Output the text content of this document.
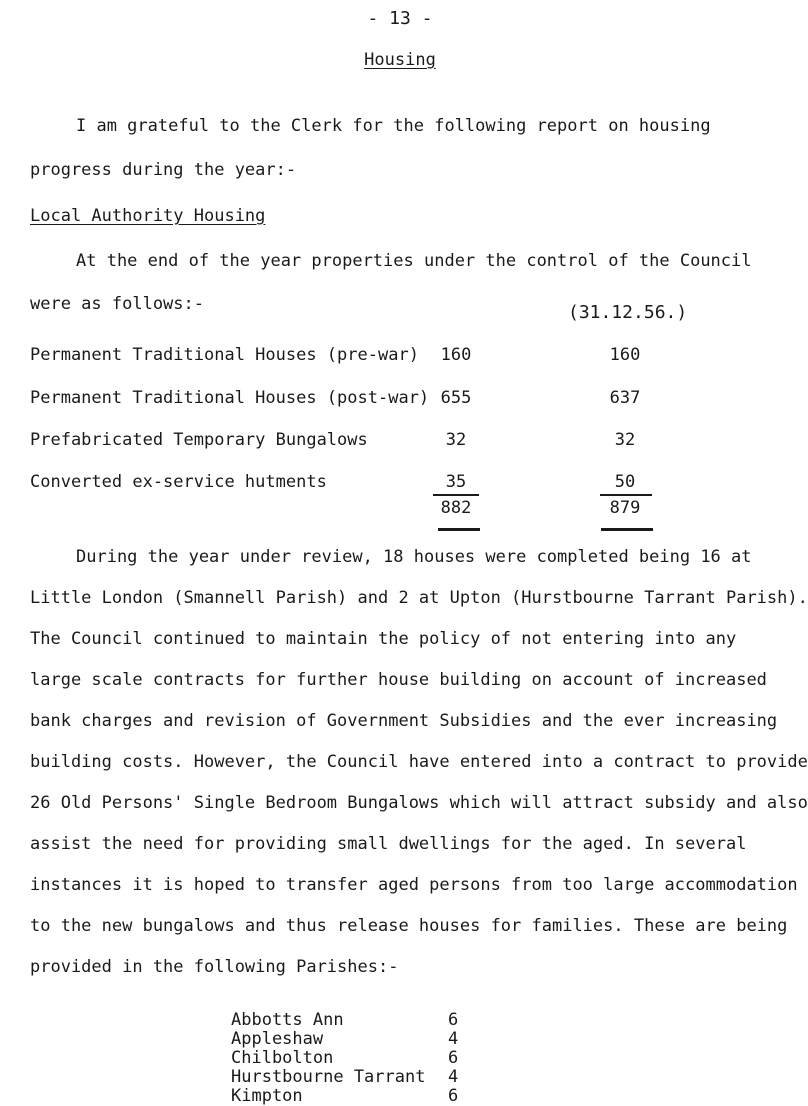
- 13 -
Housing
I am grateful to the Clerk for the following report on housing
progress during the year:-
Local Authority Housing
At the end of the year properties under the control of the Council
were as follows:-	(31.12.56.)
Permanent Traditional Houses (pre-war)	160	160
Permanent Traditional Houses (post-war) 655	637
Prefabricated Temporary Bungalows	32	32
Converted ex-service hutments	35	50
882	879
During the year under review, 18 houses were completed being 16 at
Little London (Smannell Parish) and 2 at Upton (Hurstbourne Tarrant Parish).
The Council continued to maintain the policy of not entering into any
large scale contracts for further house building on account of increased
bank charges and revision of Government Subsidies and the ever increasing
building costs. However, the Council have entered into a contract to provide
26 Old Persons' Single Bedroom Bungalows which will attract subsidy and also
assist the need for providing small dwellings for the aged. In several
instances it is hoped to transfer aged persons from too large accommodation
to the new bungalows and thus release houses for families. These are being
provided in the following Parishes:-
Abbotts Ann	6
Appleshaw	4
Chilbolton	6
Hurstbourne Tarrant 4
Kimpton	6
